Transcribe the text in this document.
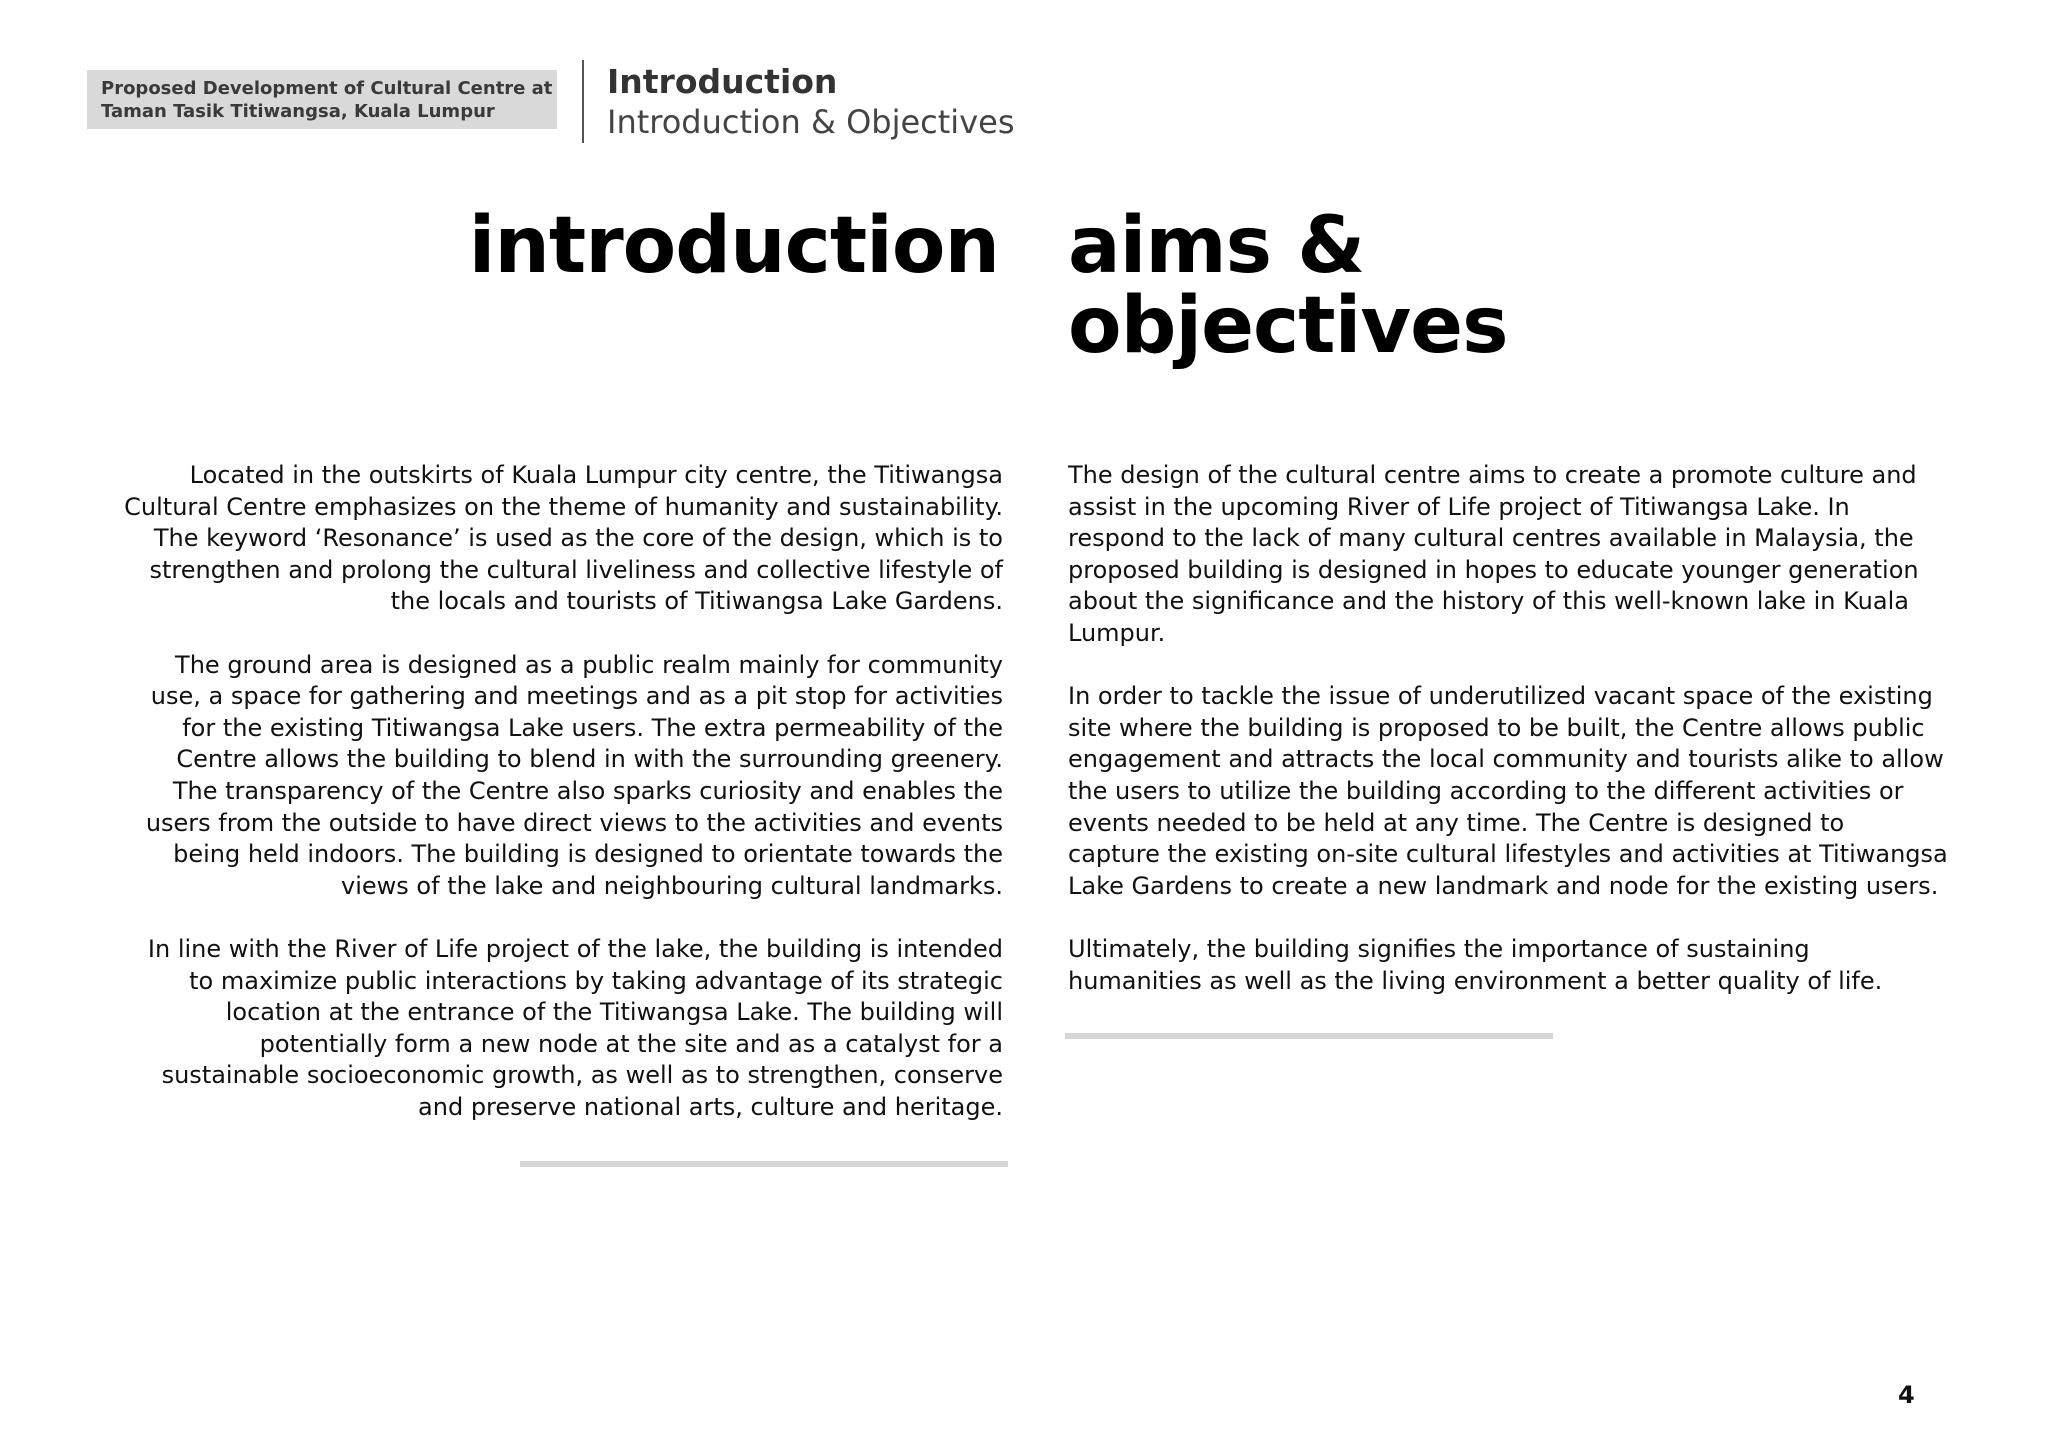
Proposed Development of Cultural Centre at
Taman Tasik Titiwangsa, Kuala Lumpur
Introduction
Introduction & Objectives
introduction aims &
objectives

Located in the outskirts of Kuala Lumpur city centre, the Titiwangsa
Cultural Centre emphasizes on the theme of humanity and sustainability.
The keyword ‘Resonance’ is used as the core of the design, which is to
strengthen and prolong the cultural liveliness and collective lifestyle of
the locals and tourists of Titiwangsa Lake Gardens.

The ground area is designed as a public realm mainly for community
use, a space for gathering and meetings and as a pit stop for activities
for the existing Titiwangsa Lake users. The extra permeability of the
Centre allows the building to blend in with the surrounding greenery.
The transparency of the Centre also sparks curiosity and enables the
users from the outside to have direct views to the activities and events
being held indoors. The building is designed to orientate towards the
views of the lake and neighbouring cultural landmarks.

In line with the River of Life project of the lake, the building is intended
to maximize public interactions by taking advantage of its strategic
location at the entrance of the Titiwangsa Lake. The building will
potentially form a new node at the site and as a catalyst for a
sustainable socioeconomic growth, as well as to strengthen, conserve
and preserve national arts, culture and heritage.

The design of the cultural centre aims to create a promote culture and
assist in the upcoming River of Life project of Titiwangsa Lake. In
respond to the lack of many cultural centres available in Malaysia, the
proposed building is designed in hopes to educate younger generation
about the significance and the history of this well-known lake in Kuala
Lumpur.

In order to tackle the issue of underutilized vacant space of the existing
site where the building is proposed to be built, the Centre allows public
engagement and attracts the local community and tourists alike to allow
the users to utilize the building according to the different activities or
events needed to be held at any time. The Centre is designed to
capture the existing on-site cultural lifestyles and activities at Titiwangsa
Lake Gardens to create a new landmark and node for the existing users.

Ultimately, the building signifies the importance of sustaining
humanities as well as the living environment a better quality of life.

4
